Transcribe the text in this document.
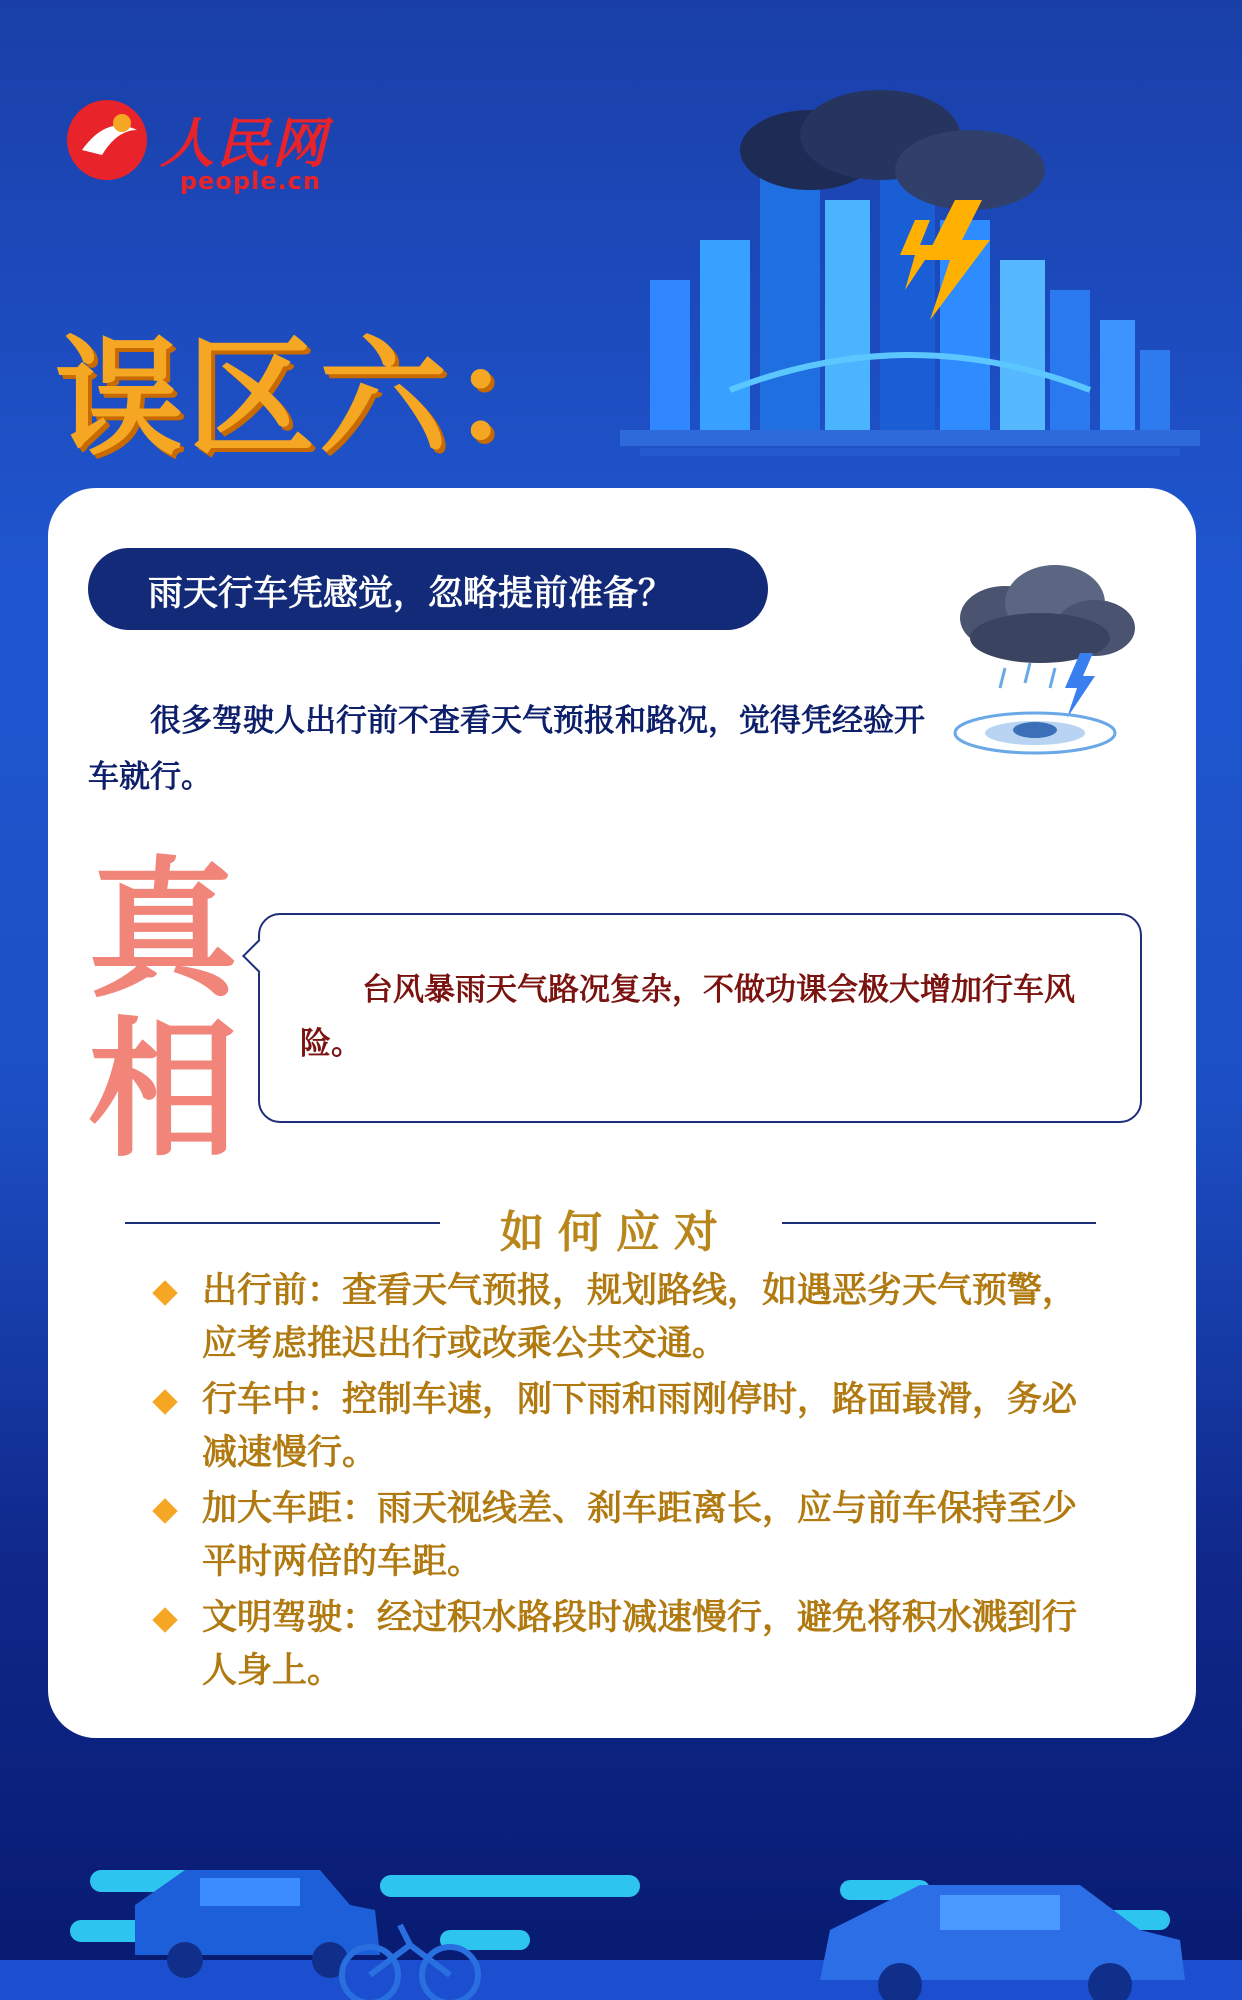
人民网
people.cn
误区六：
雨天行车凭感觉，忽略提前准备？
很多驾驶人出行前不查看天气预报和路况，觉得凭经验开车就行。
真
相
台风暴雨天气路况复杂，不做功课会极大增加行车风险。
如何应对
出行前：查看天气预报，规划路线，如遇恶劣天气预警，应考虑推迟出行或改乘公共交通。
行车中：控制车速，刚下雨和雨刚停时，路面最滑，务必减速慢行。
加大车距：雨天视线差、刹车距离长，应与前车保持至少平时两倍的车距。
文明驾驶：经过积水路段时减速慢行，避免将积水溅到行人身上。
